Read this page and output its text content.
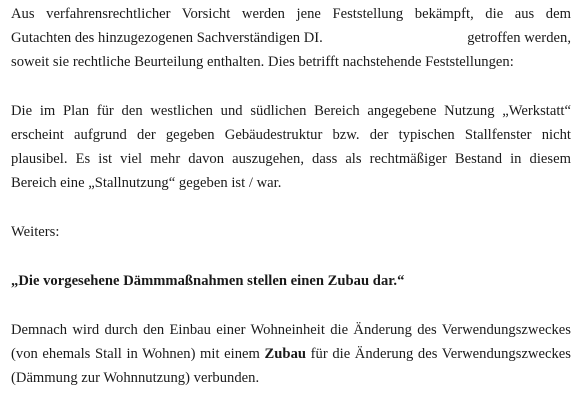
Aus verfahrensrechtlicher Vorsicht werden jene Feststellung bekämpft, die aus dem
Gutachten des hinzugezogenen Sachverständigen DI.	getroffen werden,
soweit sie rechtliche Beurteilung enthalten. Dies betrifft nachstehende Feststellungen:
Die im Plan für den westlichen und südlichen Bereich angegebene Nutzung „Werkstatt“
erscheint aufgrund der gegeben Gebäudestruktur bzw. der typischen Stallfenster nicht
plausibel. Es ist viel mehr davon auszugehen, dass als rechtmäßiger Bestand in diesem
Bereich eine „Stallnutzung“ gegeben ist / war.
Weiters:
„Die vorgesehene Dämmmaßnahmen stellen einen Zubau dar.“
Demnach wird durch den Einbau einer Wohneinheit die Änderung des Verwendungszweckes
(von ehemals Stall in Wohnen) mit einem Zubau für die Änderung des Verwendungszweckes
(Dämmung zur Wohnnutzung) verbunden.
